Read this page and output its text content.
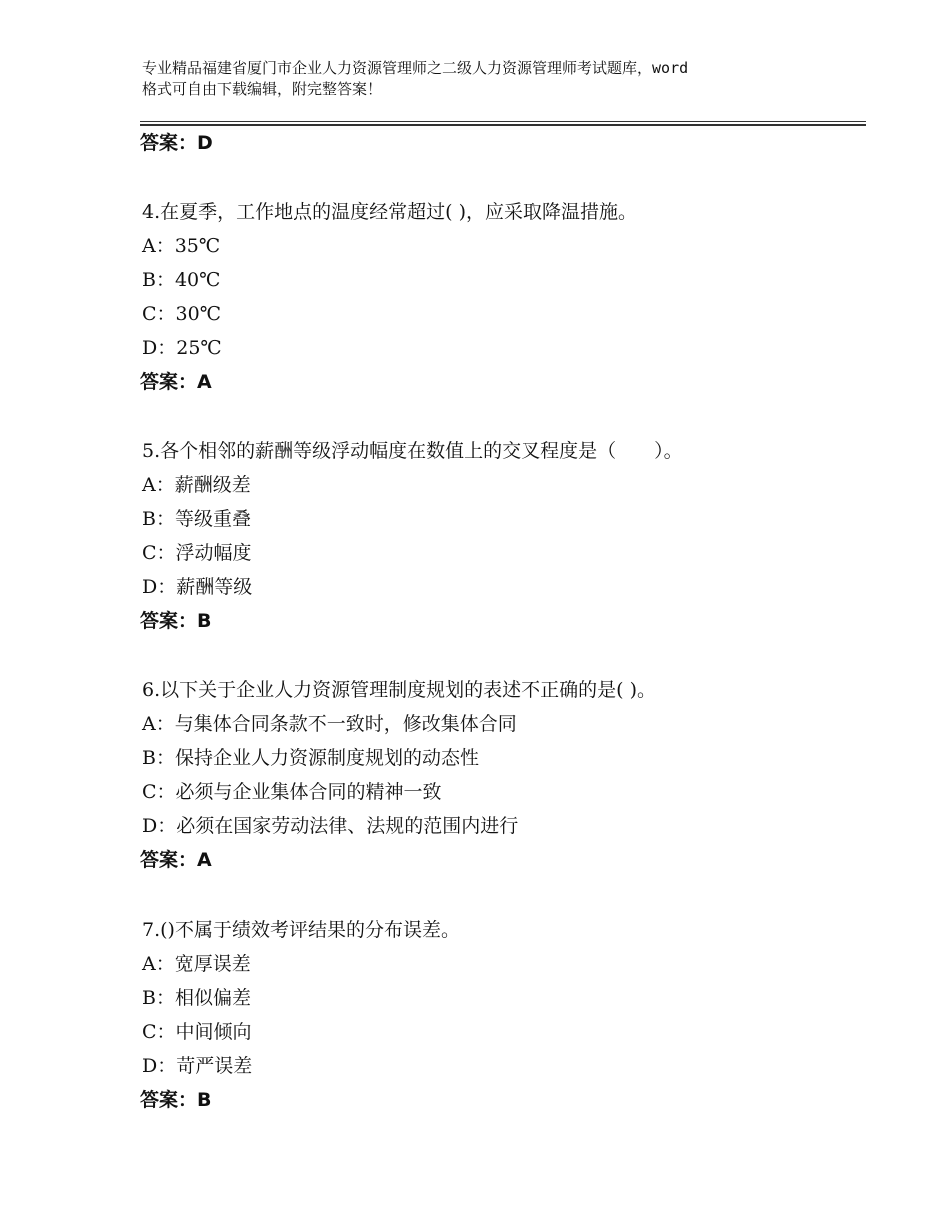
专业精品福建省厦门市企业人力资源管理师之二级人力资源管理师考试题库，word
格式可自由下载编辑，附完整答案！
答案：D
4.在夏季，工作地点的温度经常超过( )，应采取降温措施。
A：35℃
B：40℃
C：30℃
D：25℃
答案：A
5.各个相邻的薪酬等级浮动幅度在数值上的交叉程度是（　　）。
A：薪酬级差
B：等级重叠
C：浮动幅度
D：薪酬等级
答案：B
6.以下关于企业人力资源管理制度规划的表述不正确的是( )。
A：与集体合同条款不一致时，修改集体合同
B：保持企业人力资源制度规划的动态性
C：必须与企业集体合同的精神一致
D：必须在国家劳动法律、法规的范围内进行
答案：A
7.()不属于绩效考评结果的分布误差。
A：宽厚误差
B：相似偏差
C：中间倾向
D：苛严误差
答案：B
